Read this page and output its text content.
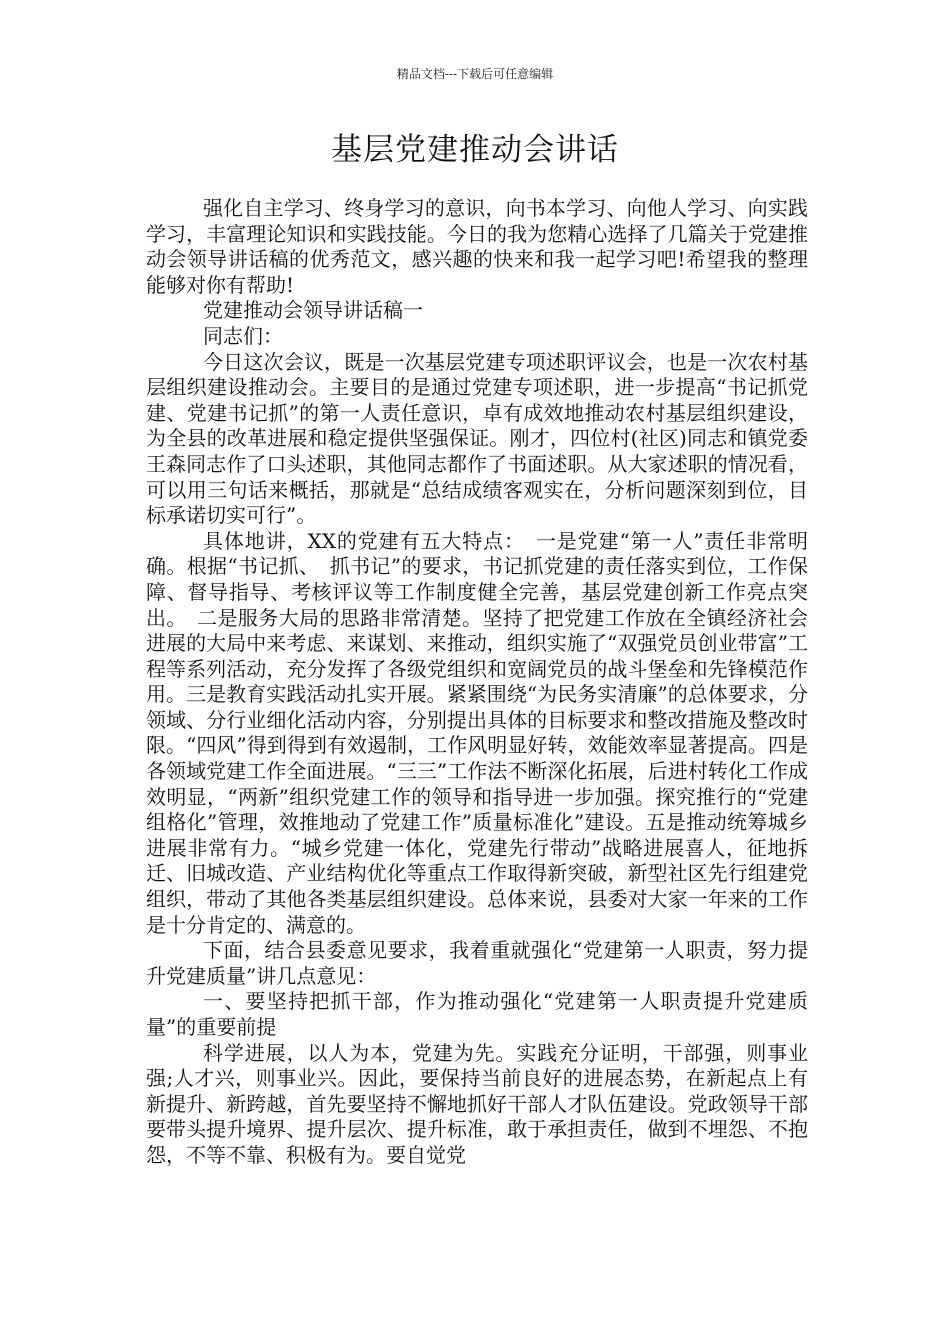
精品文档---下载后可任意编辑
基层党建推动会讲话

强化自主学习、终身学习的意识，向书本学习、向他人学习、向实践学习，丰富理论知识和实践技能。今日的我为您精心选择了几篇关于党建推动会领导讲话稿的优秀范文，感兴趣的快来和我一起学习吧!希望我的整理能够对你有帮助!

党建推动会领导讲话稿一

同志们：

今日这次会议，既是一次基层党建专项述职评议会，也是一次农村基层组织建设推动会。主要目的是通过党建专项述职，进一步提高“书记抓党建、党建书记抓”的第一人责任意识，卓有成效地推动农村基层组织建设，为全县的改革进展和稳定提供坚强保证。刚才，四位村(社区)同志和镇党委王森同志作了口头述职，其他同志都作了书面述职。从大家述职的情况看，可以用三句话来概括，那就是“总结成绩客观实在，分析问题深刻到位，目标承诺切实可行”。

具体地讲，XX的党建有五大特点：　一是党建“第一人”责任非常明确。根据“书记抓、　抓书记”的要求，书记抓党建的责任落实到位，工作保障、督导指导、考核评议等工作制度健全完善，基层党建创新工作亮点突出。　二是服务大局的思路非常清楚。坚持了把党建工作放在全镇经济社会进展的大局中来考虑、来谋划、来推动，组织实施了“双强党员创业带富”工程等系列活动，充分发挥了各级党组织和宽阔党员的战斗堡垒和先锋模范作用。三是教育实践活动扎实开展。紧紧围绕“为民务实清廉”的总体要求，分领域、分行业细化活动内容，分别提出具体的目标要求和整改措施及整改时限。“四风”得到得到有效遏制，工作风明显好转，效能效率显著提高。四是各领域党建工作全面进展。“三三”工作法不断深化拓展，后进村转化工作成效明显，“两新”组织党建工作的领导和指导进一步加强。探究推行的“党建组格化”管理，效推地动了党建工作”质量标准化”建设。五是推动统筹城乡进展非常有力。“城乡党建一体化，党建先行带动”战略进展喜人，征地拆迁、旧城改造、产业结构优化等重点工作取得新突破，新型社区先行组建党组织，带动了其他各类基层组织建设。总体来说，县委对大家一年来的工作是十分肯定的、满意的。

下面，结合县委意见要求，我着重就强化“党建第一人职责，努力提升党建质量”讲几点意见：

一、要坚持把抓干部，作为推动强化“党建第一人职责提升党建质量”的重要前提

科学进展，以人为本，党建为先。实践充分证明，干部强，则事业强;人才兴，则事业兴。因此，要保持当前良好的进展态势，在新起点上有新提升、新跨越，首先要坚持不懈地抓好干部人才队伍建设。党政领导干部要带头提升境界、提升层次、提升标准，敢于承担责任，做到不埋怨、不抱怨，不等不靠、积极有为。要自觉党
